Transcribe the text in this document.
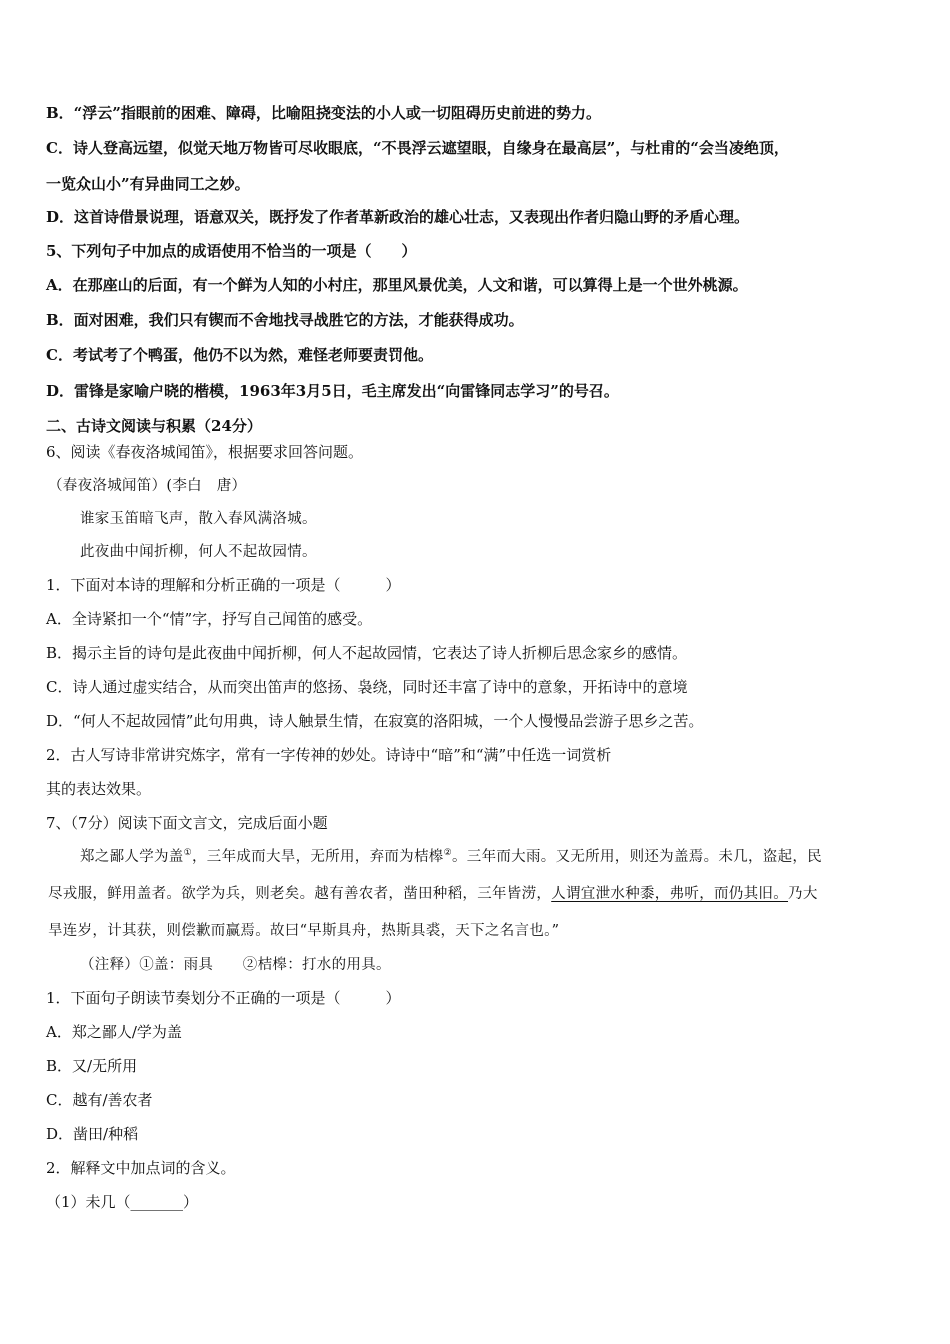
B．“浮云”指眼前的困难、障碍，比喻阻挠变法的小人或一切阻碍历史前进的势力。
C．诗人登高远望，似觉天地万物皆可尽收眼底，“不畏浮云遮望眼，自缘身在最高层”，与杜甫的“会当凌绝顶，
一览众山小”有异曲同工之妙。
D．这首诗借景说理，语意双关，既抒发了作者革新政治的雄心壮志，又表现出作者归隐山野的矛盾心理。
5、下列句子中加点的成语使用不恰当的一项是（　　）
A．在那座山的后面，有一个鲜为人知的小村庄，那里风景优美，人文和谐，可以算得上是一个世外桃源。
B．面对困难，我们只有锲而不舍地找寻战胜它的方法，才能获得成功。
C．考试考了个鸭蛋，他仍不以为然，难怪老师要责罚他。
D．雷锋是家喻户晓的楷模，1963年3月5日，毛主席发出“向雷锋同志学习”的号召。
二、古诗文阅读与积累（24分）
6、阅读《春夜洛城闻笛》，根据要求回答问题。
（春夜洛城闻笛）(李白　唐）
谁家玉笛暗飞声，散入春风满洛城。
此夜曲中闻折柳，何人不起故园情。
1．下面对本诗的理解和分析正确的一项是（　　　）
A．全诗紧扣一个“情”字，抒写自己闻笛的感受。
B．揭示主旨的诗句是此夜曲中闻折柳，何人不起故园情，它表达了诗人折柳后思念家乡的感情。
C．诗人通过虚实结合，从而突出笛声的悠扬、袅绕，同时还丰富了诗中的意象，开拓诗中的意境
D．“何人不起故园情”此句用典，诗人触景生情，在寂寞的洛阳城，一个人慢慢品尝游子思乡之苦。
2．古人写诗非常讲究炼字，常有一字传神的妙处。诗诗中“暗”和“满”中任选一词赏析
其的表达效果。
7、（7分）阅读下面文言文，完成后面小题
郑之鄙人学为盖①，三年成而大旱，无所用，弃而为桔槔②。三年而大雨。又无所用，则还为盖焉。未几，盗起，民
尽戎服，鲜用盖者。欲学为兵，则老矣。越有善农者，凿田种稻，三年皆涝，人谓宜泄水种黍，弗听，而仍其旧。乃大
旱连岁，计其获，则偿歉而赢焉。故曰“早斯具舟，热斯具裘，天下之名言也。”
（注释）①盖：雨具　　②桔槔：打水的用具。
1．下面句子朗读节奏划分不正确的一项是（　　　）
A．郑之鄙人/学为盖
B．又/无所用
C．越有/善农者
D．凿田/种稻
2．解释文中加点词的含义。
（1）未几（_______）
